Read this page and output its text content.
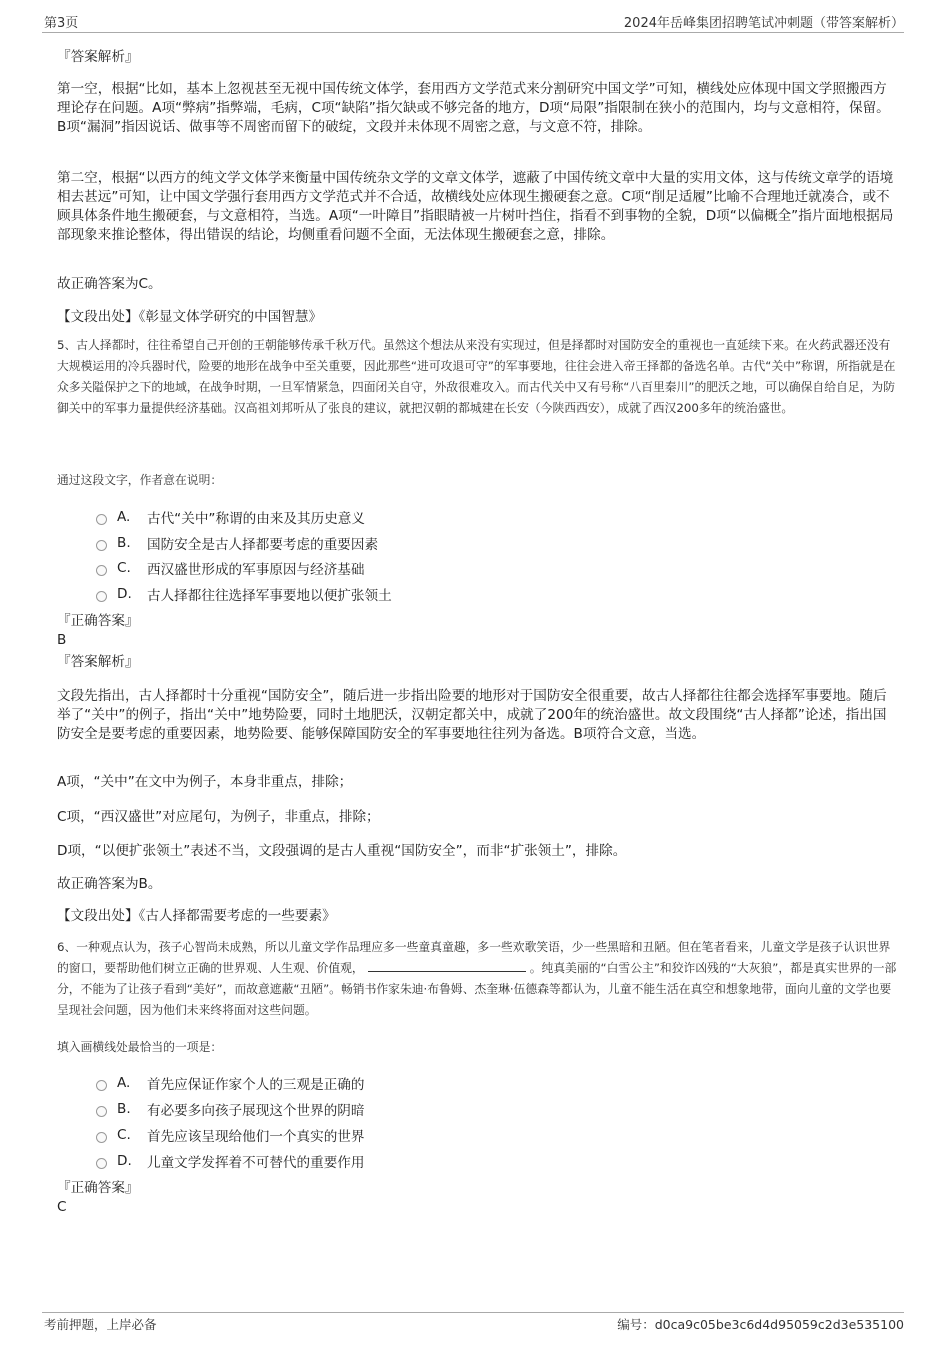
第3页	2024年岳峰集团招聘笔试冲刺题（带答案解析）
『答案解析』

第一空，根据“比如，基本上忽视甚至无视中国传统文体学，套用西方文学范式来分割研究中国文学”可知，横线处应体现中国文学照搬西方理论存在问题。A项“弊病”指弊端，毛病，C项“缺陷”指欠缺或不够完备的地方，D项“局限”指限制在狭小的范围内，均与文意相符，保留。B项“漏洞”指因说话、做事等不周密而留下的破绽，文段并未体现不周密之意，与文意不符，排除。

第二空，根据“以西方的纯文学文体学来衡量中国传统杂文学的文章文体学，遮蔽了中国传统文章中大量的实用文体，这与传统文章学的语境相去甚远”可知，让中国文学强行套用西方文学范式并不合适，故横线处应体现生搬硬套之意。C项“削足适履”比喻不合理地迁就凑合，或不顾具体条件地生搬硬套，与文意相符，当选。A项“一叶障目”指眼睛被一片树叶挡住，指看不到事物的全貌，D项“以偏概全”指片面地根据局部现象来推论整体，得出错误的结论，均侧重看问题不全面，无法体现生搬硬套之意，排除。

故正确答案为C。
【文段出处】《彰显文体学研究的中国智慧》

5、古人择都时，往往希望自己开创的王朝能够传承千秋万代。虽然这个想法从来没有实现过，但是择都时对国防安全的重视也一直延续下来。在火药武器还没有大规模运用的冷兵器时代，险要的地形在战争中至关重要，因此那些“进可攻退可守”的军事要地，往往会进入帝王择都的备选名单。古代“关中”称谓，所指就是在众多关隘保护之下的地域，在战争时期，一旦军情紧急，四面闭关自守，外敌很难攻入。而古代关中又有号称“八百里秦川”的肥沃之地，可以确保自给自足，为防御关中的军事力量提供经济基础。汉高祖刘邦听从了张良的建议，就把汉朝的都城建在长安（今陕西西安），成就了西汉200多年的统治盛世。

通过这段文字，作者意在说明：
A.	古代“关中”称谓的由来及其历史意义
B.	国防安全是古人择都要考虑的重要因素
C.	西汉盛世形成的军事原因与经济基础
D.	古人择都往往选择军事要地以便扩张领土
『正确答案』
B
『答案解析』

文段先指出，古人择都时十分重视“国防安全”，随后进一步指出险要的地形对于国防安全很重要，故古人择都往往都会选择军事要地。随后举了“关中”的例子，指出“关中”地势险要，同时土地肥沃，汉朝定都关中，成就了200年的统治盛世。故文段围绕“古人择都”论述，指出国防安全是要考虑的重要因素，地势险要、能够保障国防安全的军事要地往往列为备选。B项符合文意，当选。

A项，“关中”在文中为例子，本身非重点，排除；
C项，“西汉盛世”对应尾句，为例子，非重点，排除；
D项，“以便扩张领土”表述不当，文段强调的是古人重视“国防安全”，而非“扩张领土”，排除。
故正确答案为B。
【文段出处】《古人择都需要考虑的一些要素》

6、一种观点认为，孩子心智尚未成熟，所以儿童文学作品理应多一些童真童趣，多一些欢歌笑语，少一些黑暗和丑陋。但在笔者看来，儿童文学是孩子认识世界的窗口，要帮助他们树立正确的世界观、人生观、价值观，	。纯真美丽的“白雪公主”和狡诈凶残的“大灰狼”，都是真实世界的一部分，不能为了让孩子看到“美好”，而故意遮蔽“丑陋”。畅销书作家朱迪·布鲁姆、杰奎琳·伍德森等都认为，儿童不能生活在真空和想象地带，面向儿童的文学也要呈现社会问题，因为他们未来终将面对这些问题。

填入画横线处最恰当的一项是：
A.	首先应保证作家个人的三观是正确的
B.	有必要多向孩子展现这个世界的阴暗
C.	首先应该呈现给他们一个真实的世界
D.	儿童文学发挥着不可替代的重要作用
『正确答案』
C
考前押题，上岸必备	编号：d0ca9c05be3c6d4d95059c2d3e535100
